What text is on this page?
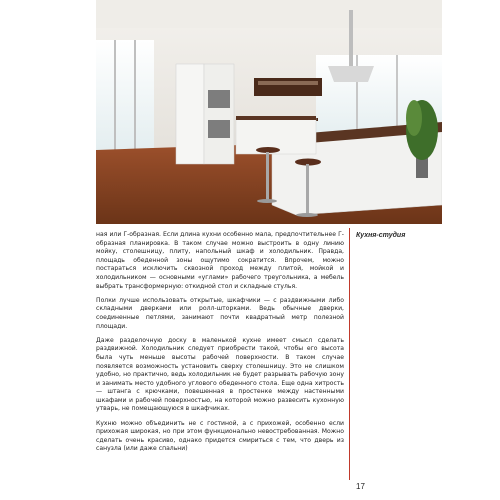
Кухня-студия

ная или Г-образная. Если длина кухни особенно мала, предпочтительнее Г-образная планировка. В таком случае можно выстроить в одну линию мойку, столешницу, плиту, напольный шкаф и холодильник. Правда, площадь обеденной зоны ощутимо сократится. Впрочем, можно постараться исключить сквозной проход между плитой, мойкой и холодильником — основными «углами» рабочего треугольника, а мебель выбрать трансформерную: откидной стол и складные стулья.

Полки лучше использовать открытые, шкафчики — с раздвижными либо складными дверками или ролл-шторками. Ведь обычные дверки, соединенные петлями, занимают почти квадратный метр полезной площади.

Даже разделочную доску в маленькой кухне имеет смысл сделать раздвижной. Холодильник следует приобрести такой, чтобы его высота была чуть меньше высоты рабочей поверхности. В таком случае появляется возможность установить сверху столешницу. Это не слишком удобно, но практично, ведь холодильник не будет разрывать рабочую зону и занимать место удобного углового обеденного стола. Еще одна хитрость — штанга с крючками, повешенная в простенке между настенными шкафами и рабочей поверхностью, на которой можно развесить кухонную утварь, не помещающуюся в шкафчиках.

Кухню можно объединить не с гостиной, а с прихожей, особенно если прихожая широкая, но при этом функционально невостребованная. Можно сделать очень красиво, однако придется смириться с тем, что дверь из санузла (или даже спальни)

17
